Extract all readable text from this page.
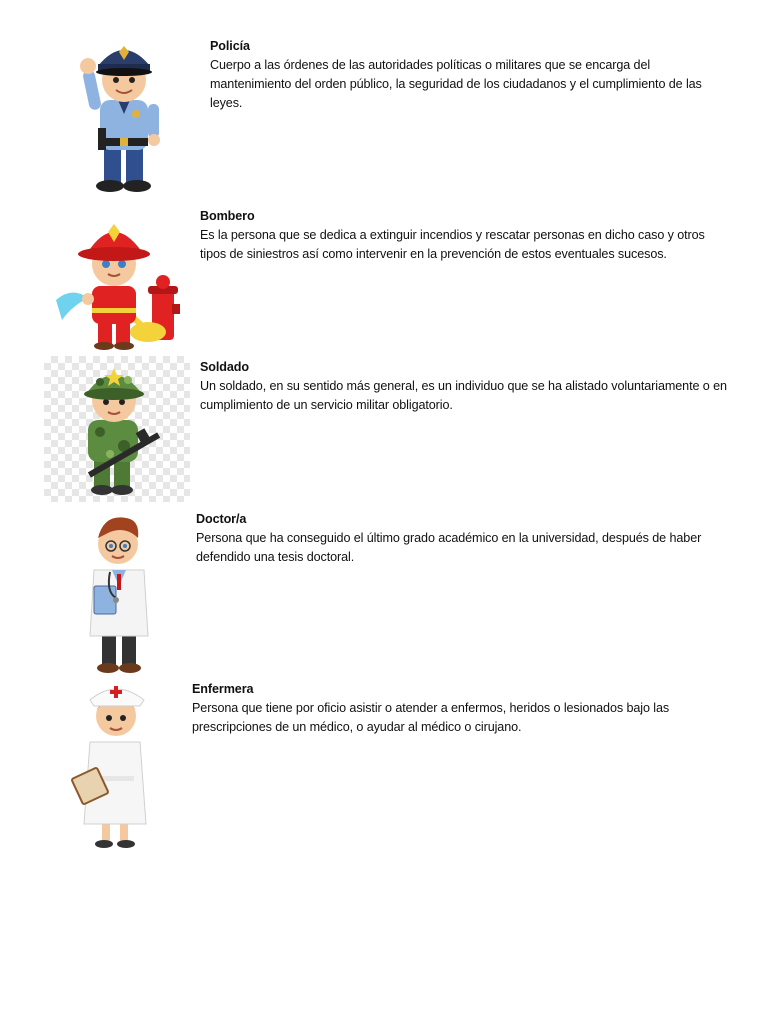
Policía
Cuerpo a las órdenes de las autoridades políticas o militares que se encarga del mantenimiento del orden público, la seguridad de los ciudadanos y el cumplimiento de las leyes.
Bombero
Es la persona que se dedica a extinguir incendios y rescatar personas en dicho caso y otros tipos de siniestros así como intervenir en la prevención de estos eventuales sucesos.
Soldado
Un soldado, en su sentido más general, es un individuo que se ha alistado voluntariamente o en cumplimiento de un servicio militar obligatorio.
Doctor/a
Persona que ha conseguido el último grado académico en la universidad, después de haber defendido una tesis doctoral.
Enfermera
Persona que tiene por oficio asistir o atender a enfermos, heridos o lesionados bajo las prescripciones de un médico, o ayudar al médico o cirujano.
